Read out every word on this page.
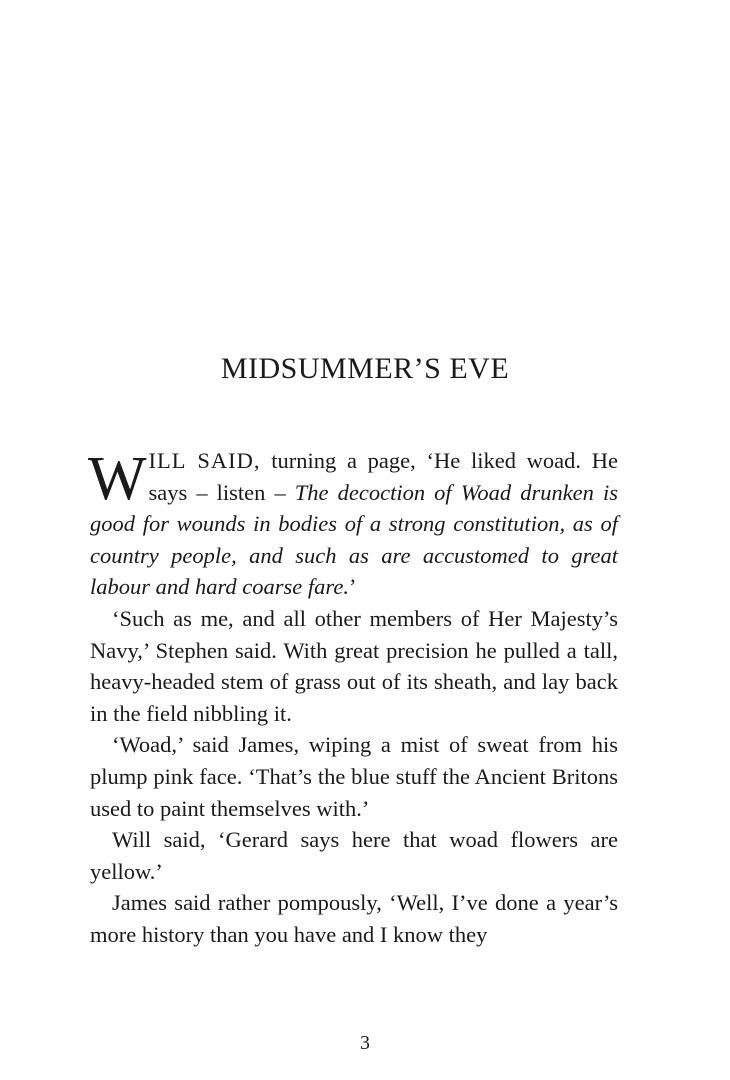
MIDSUMMER’S EVE

WILL SAID, turning a page, ‘He liked woad. He says – listen – The decoction of Woad drunken is good for wounds in bodies of a strong constitution, as of country people, and such as are accustomed to great labour and hard coarse fare.’

‘Such as me, and all other members of Her Majesty’s Navy,’ Stephen said. With great precision he pulled a tall, heavy-headed stem of grass out of its sheath, and lay back in the field nibbling it.

‘Woad,’ said James, wiping a mist of sweat from his plump pink face. ‘That’s the blue stuff the Ancient Britons used to paint themselves with.’

Will said, ‘Gerard says here that woad flowers are yellow.’

James said rather pompously, ‘Well, I’ve done a year’s more history than you have and I know they

3
